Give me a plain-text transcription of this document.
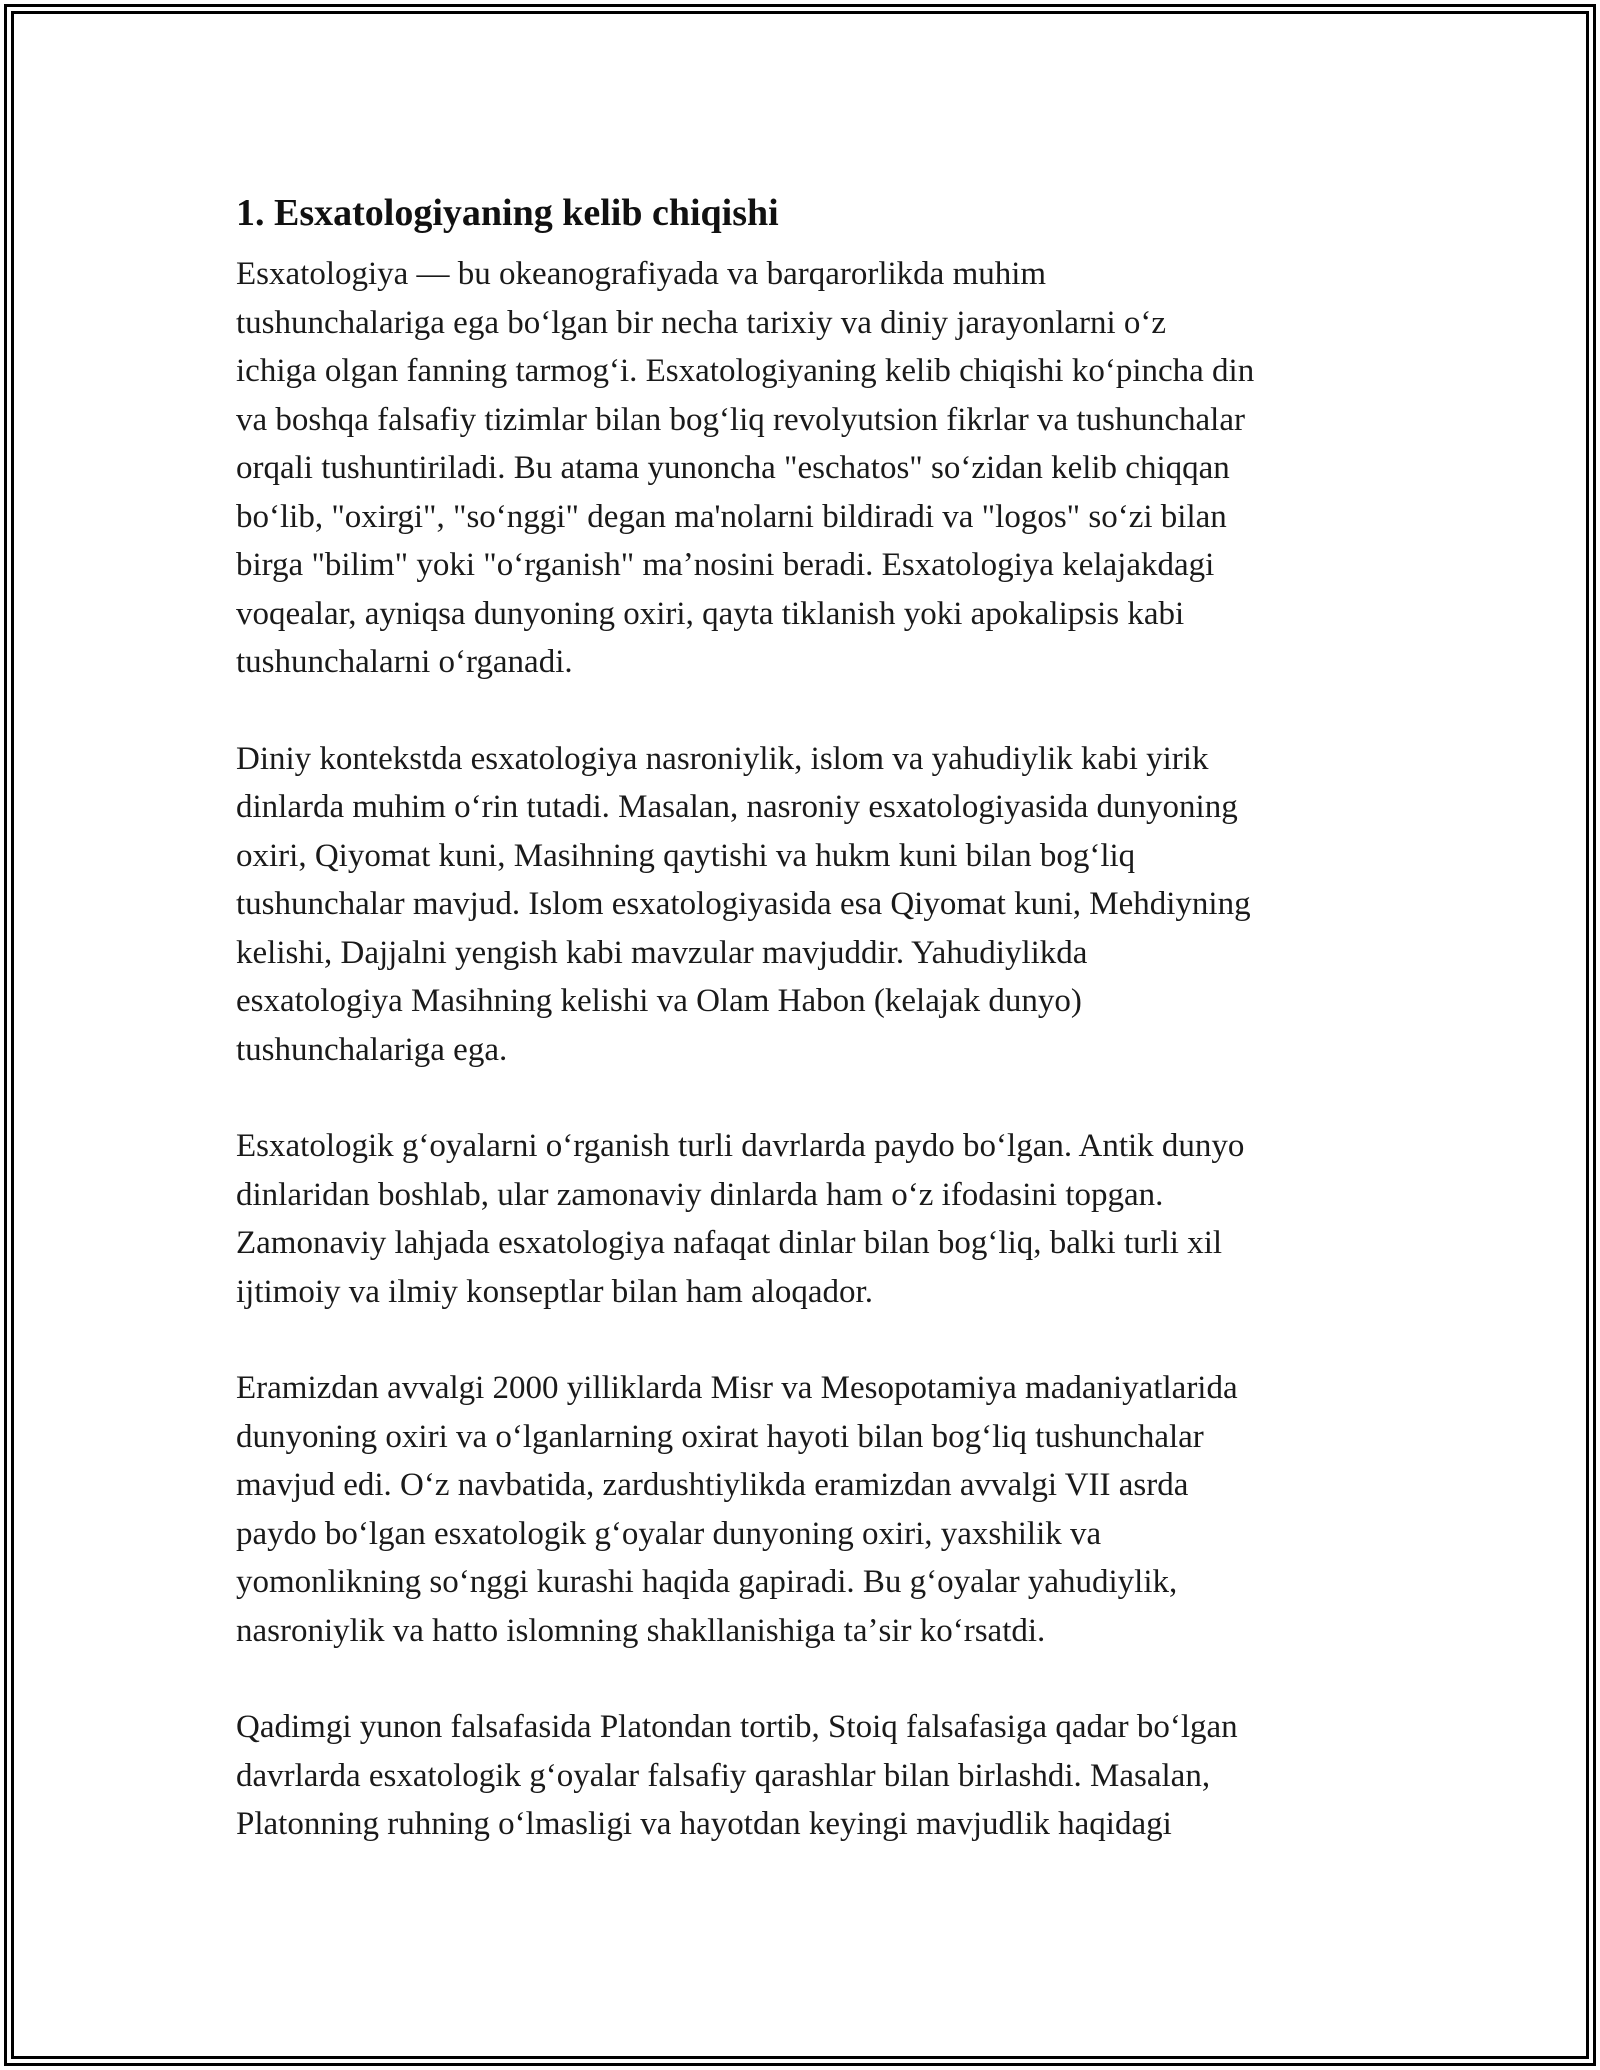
1. Esxatologiyaning kelib chiqishi

Esxatologiya — bu okeanografiyada va barqarorlikda muhim
tushunchalariga ega boʻlgan bir necha tarixiy va diniy jarayonlarni oʻz
ichiga olgan fanning tarmogʻi. Esxatologiyaning kelib chiqishi koʻpincha din
va boshqa falsafiy tizimlar bilan bogʻliq revolyutsion fikrlar va tushunchalar
orqali tushuntiriladi. Bu atama yunoncha "eschatos" soʻzidan kelib chiqqan
boʻlib, "oxirgi", "soʻnggi" degan ma'nolarni bildiradi va "logos" soʻzi bilan
birga "bilim" yoki "oʻrganish" maʼnosini beradi. Esxatologiya kelajakdagi
voqealar, ayniqsa dunyoning oxiri, qayta tiklanish yoki apokalipsis kabi
tushunchalarni oʻrganadi.

Diniy kontekstda esxatologiya nasroniylik, islom va yahudiylik kabi yirik
dinlarda muhim oʻrin tutadi. Masalan, nasroniy esxatologiyasida dunyoning
oxiri, Qiyomat kuni, Masihning qaytishi va hukm kuni bilan bogʻliq
tushunchalar mavjud. Islom esxatologiyasida esa Qiyomat kuni, Mehdiyning
kelishi, Dajjalni yengish kabi mavzular mavjuddir. Yahudiylikda
esxatologiya Masihning kelishi va Olam Habon (kelajak dunyo)
tushunchalariga ega.

Esxatologik gʻoyalarni oʻrganish turli davrlarda paydo boʻlgan. Antik dunyo
dinlaridan boshlab, ular zamonaviy dinlarda ham oʻz ifodasini topgan.
Zamonaviy lahjada esxatologiya nafaqat dinlar bilan bogʻliq, balki turli xil
ijtimoiy va ilmiy konseptlar bilan ham aloqador.

Eramizdan avvalgi 2000 yilliklarda Misr va Mesopotamiya madaniyatlarida
dunyoning oxiri va oʻlganlarning oxirat hayoti bilan bogʻliq tushunchalar
mavjud edi. Oʻz navbatida, zardushtiylikda eramizdan avvalgi VII asrda
paydo boʻlgan esxatologik gʻoyalar dunyoning oxiri, yaxshilik va
yomonlikning soʻnggi kurashi haqida gapiradi. Bu gʻoyalar yahudiylik,
nasroniylik va hatto islomning shakllanishiga taʼsir koʻrsatdi.

Qadimgi yunon falsafasida Platondan tortib, Stoiq falsafasiga qadar boʻlgan
davrlarda esxatologik gʻoyalar falsafiy qarashlar bilan birlashdi. Masalan,
Platonning ruhning oʻlmasligi va hayotdan keyingi mavjudlik haqidagi
